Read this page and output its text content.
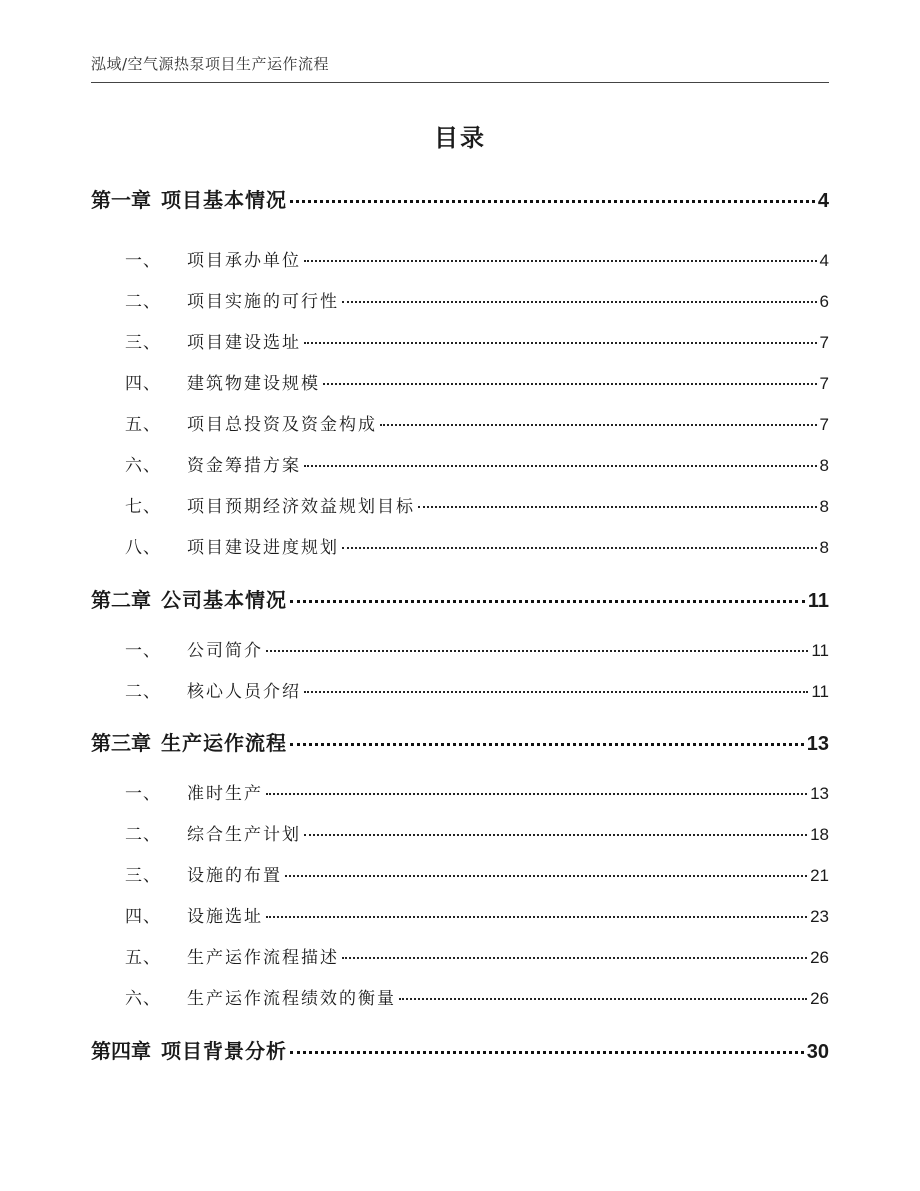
泓域/空气源热泵项目生产运作流程
目录
第一章 项目基本情况	4
一、 项目承办单位	4
二、 项目实施的可行性	6
三、 项目建设选址	7
四、 建筑物建设规模	7
五、 项目总投资及资金构成	7
六、 资金筹措方案	8
七、 项目预期经济效益规划目标	8
八、 项目建设进度规划	8
第二章 公司基本情况	11
一、 公司简介	11
二、 核心人员介绍	11
第三章 生产运作流程	13
一、 准时生产	13
二、 综合生产计划	18
三、 设施的布置	21
四、 设施选址	23
五、 生产运作流程描述	26
六、 生产运作流程绩效的衡量	26
第四章 项目背景分析	30
